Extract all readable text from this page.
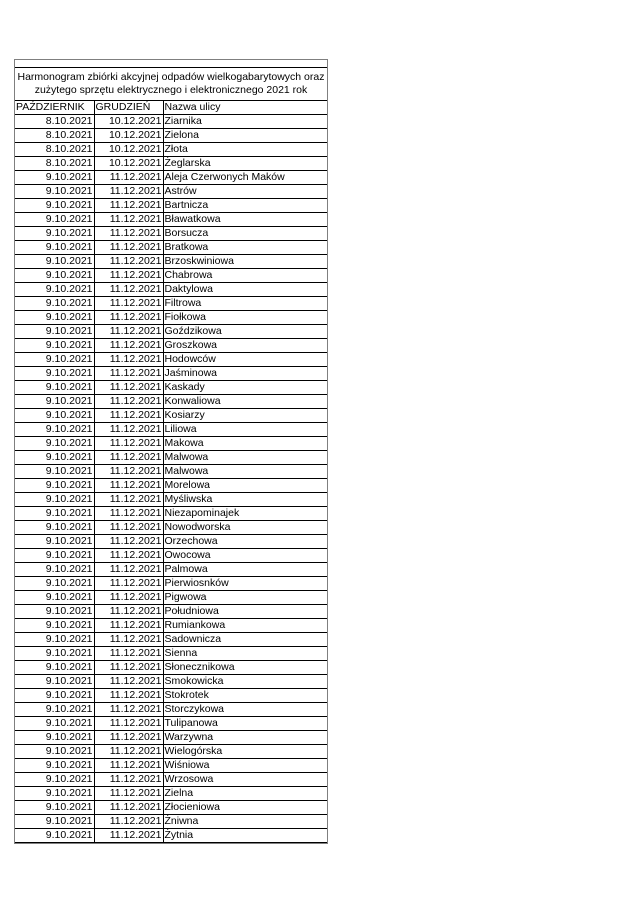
Harmonogram zbiórki akcyjnej odpadów wielkogabarytowych oraz
zużytego sprzętu elektrycznego i elektronicznego 2021 rok
PAŹDZIERNIK	GRUDZIEŃ	Nazwa ulicy
8.10.2021	10.12.2021	Ziarnika
8.10.2021	10.12.2021	Zielona
8.10.2021	10.12.2021	Złota
8.10.2021	10.12.2021	Żeglarska
9.10.2021	11.12.2021	Aleja Czerwonych Maków
9.10.2021	11.12.2021	Astrów
9.10.2021	11.12.2021	Bartnicza
9.10.2021	11.12.2021	Bławatkowa
9.10.2021	11.12.2021	Borsucza
9.10.2021	11.12.2021	Bratkowa
9.10.2021	11.12.2021	Brzoskwiniowa
9.10.2021	11.12.2021	Chabrowa
9.10.2021	11.12.2021	Daktylowa
9.10.2021	11.12.2021	Filtrowa
9.10.2021	11.12.2021	Fiołkowa
9.10.2021	11.12.2021	Goździkowa
9.10.2021	11.12.2021	Groszkowa
9.10.2021	11.12.2021	Hodowców
9.10.2021	11.12.2021	Jaśminowa
9.10.2021	11.12.2021	Kaskady
9.10.2021	11.12.2021	Konwaliowa
9.10.2021	11.12.2021	Kosiarzy
9.10.2021	11.12.2021	Liliowa
9.10.2021	11.12.2021	Makowa
9.10.2021	11.12.2021	Malwowa
9.10.2021	11.12.2021	Malwowa
9.10.2021	11.12.2021	Morelowa
9.10.2021	11.12.2021	Myśliwska
9.10.2021	11.12.2021	Niezapominajek
9.10.2021	11.12.2021	Nowodworska
9.10.2021	11.12.2021	Orzechowa
9.10.2021	11.12.2021	Owocowa
9.10.2021	11.12.2021	Palmowa
9.10.2021	11.12.2021	Pierwiosnków
9.10.2021	11.12.2021	Pigwowa
9.10.2021	11.12.2021	Południowa
9.10.2021	11.12.2021	Rumiankowa
9.10.2021	11.12.2021	Sadownicza
9.10.2021	11.12.2021	Sienna
9.10.2021	11.12.2021	Słonecznikowa
9.10.2021	11.12.2021	Smokowicka
9.10.2021	11.12.2021	Stokrotek
9.10.2021	11.12.2021	Storczykowa
9.10.2021	11.12.2021	Tulipanowa
9.10.2021	11.12.2021	Warzywna
9.10.2021	11.12.2021	Wielogórska
9.10.2021	11.12.2021	Wiśniowa
9.10.2021	11.12.2021	Wrzosowa
9.10.2021	11.12.2021	Zielna
9.10.2021	11.12.2021	Złocieniowa
9.10.2021	11.12.2021	Żniwna
9.10.2021	11.12.2021	Żytnia
